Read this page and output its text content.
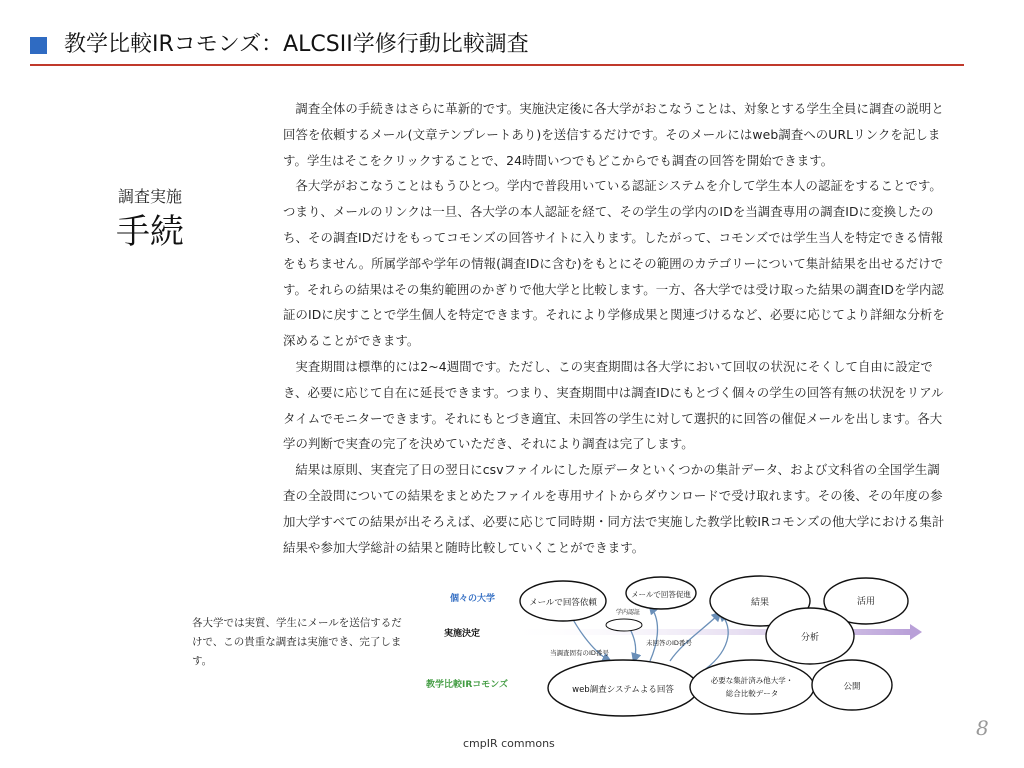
教学比較IRコモンズ：ALCSII学修行動比較調査
調査実施
手続

調査全体の手続きはさらに革新的です。実施決定後に各大学がおこなうことは、対象とする学生全員に調査の説明と回答を依頼するメール(文章テンプレートあり)を送信するだけです。そのメールにはweb調査へのURLリンクを記します。学生はそこをクリックすることで、24時間いつでもどこからでも調査の回答を開始できます。

各大学がおこなうことはもうひとつ。学内で普段用いている認証システムを介して学生本人の認証をすることです。つまり、メールのリンクは一旦、各大学の本人認証を経て、その学生の学内のIDを当調査専用の調査IDに変換したのち、その調査IDだけをもってコモンズの回答サイトに入ります。したがって、コモンズでは学生当人を特定できる情報をもちません。所属学部や学年の情報(調査IDに含む)をもとにその範囲のカテゴリーについて集計結果を出せるだけです。それらの結果はその集約範囲のかぎりで他大学と比較します。一方、各大学では受け取った結果の調査IDを学内認証のIDに戻すことで学生個人を特定できます。それにより学修成果と関連づけるなど、必要に応じてより詳細な分析を深めることができます。

実査期間は標準的には2~4週間です。ただし、この実査期間は各大学において回収の状況にそくして自由に設定でき、必要に応じて自在に延長できます。つまり、実査期間中は調査IDにもとづく個々の学生の回答有無の状況をリアルタイムでモニターできます。それにもとづき適宜、未回答の学生に対して選択的に回答の催促メールを出します。各大学の判断で実査の完了を決めていただき、それにより調査は完了します。

結果は原則、実査完了日の翌日にcsvファイルにした原データといくつかの集計データ、および文科省の全国学生調査の全設問についての結果をまとめたファイルを専用サイトからダウンロードで受け取れます。その後、その年度の参加大学すべての結果が出そろえば、必要に応じて同時期・同方法で実施した教学比較IRコモンズの他大学における集計結果や参加大学総計の結果と随時比較していくことができます。

各大学では実質、学生にメールを送信するだけで、この貴重な調査は実施でき、完了します。
個々の大学
実施決定
教学比較IRコモンズ
メールで回答依頼
メールで回答促進
結果	活用
分析
学内認証
当調査固有のID番号
未回答のID番号
web調査システムよる回答
必要な集計済み他大学・
総合比較データ
公開
8
cmpIR commons
